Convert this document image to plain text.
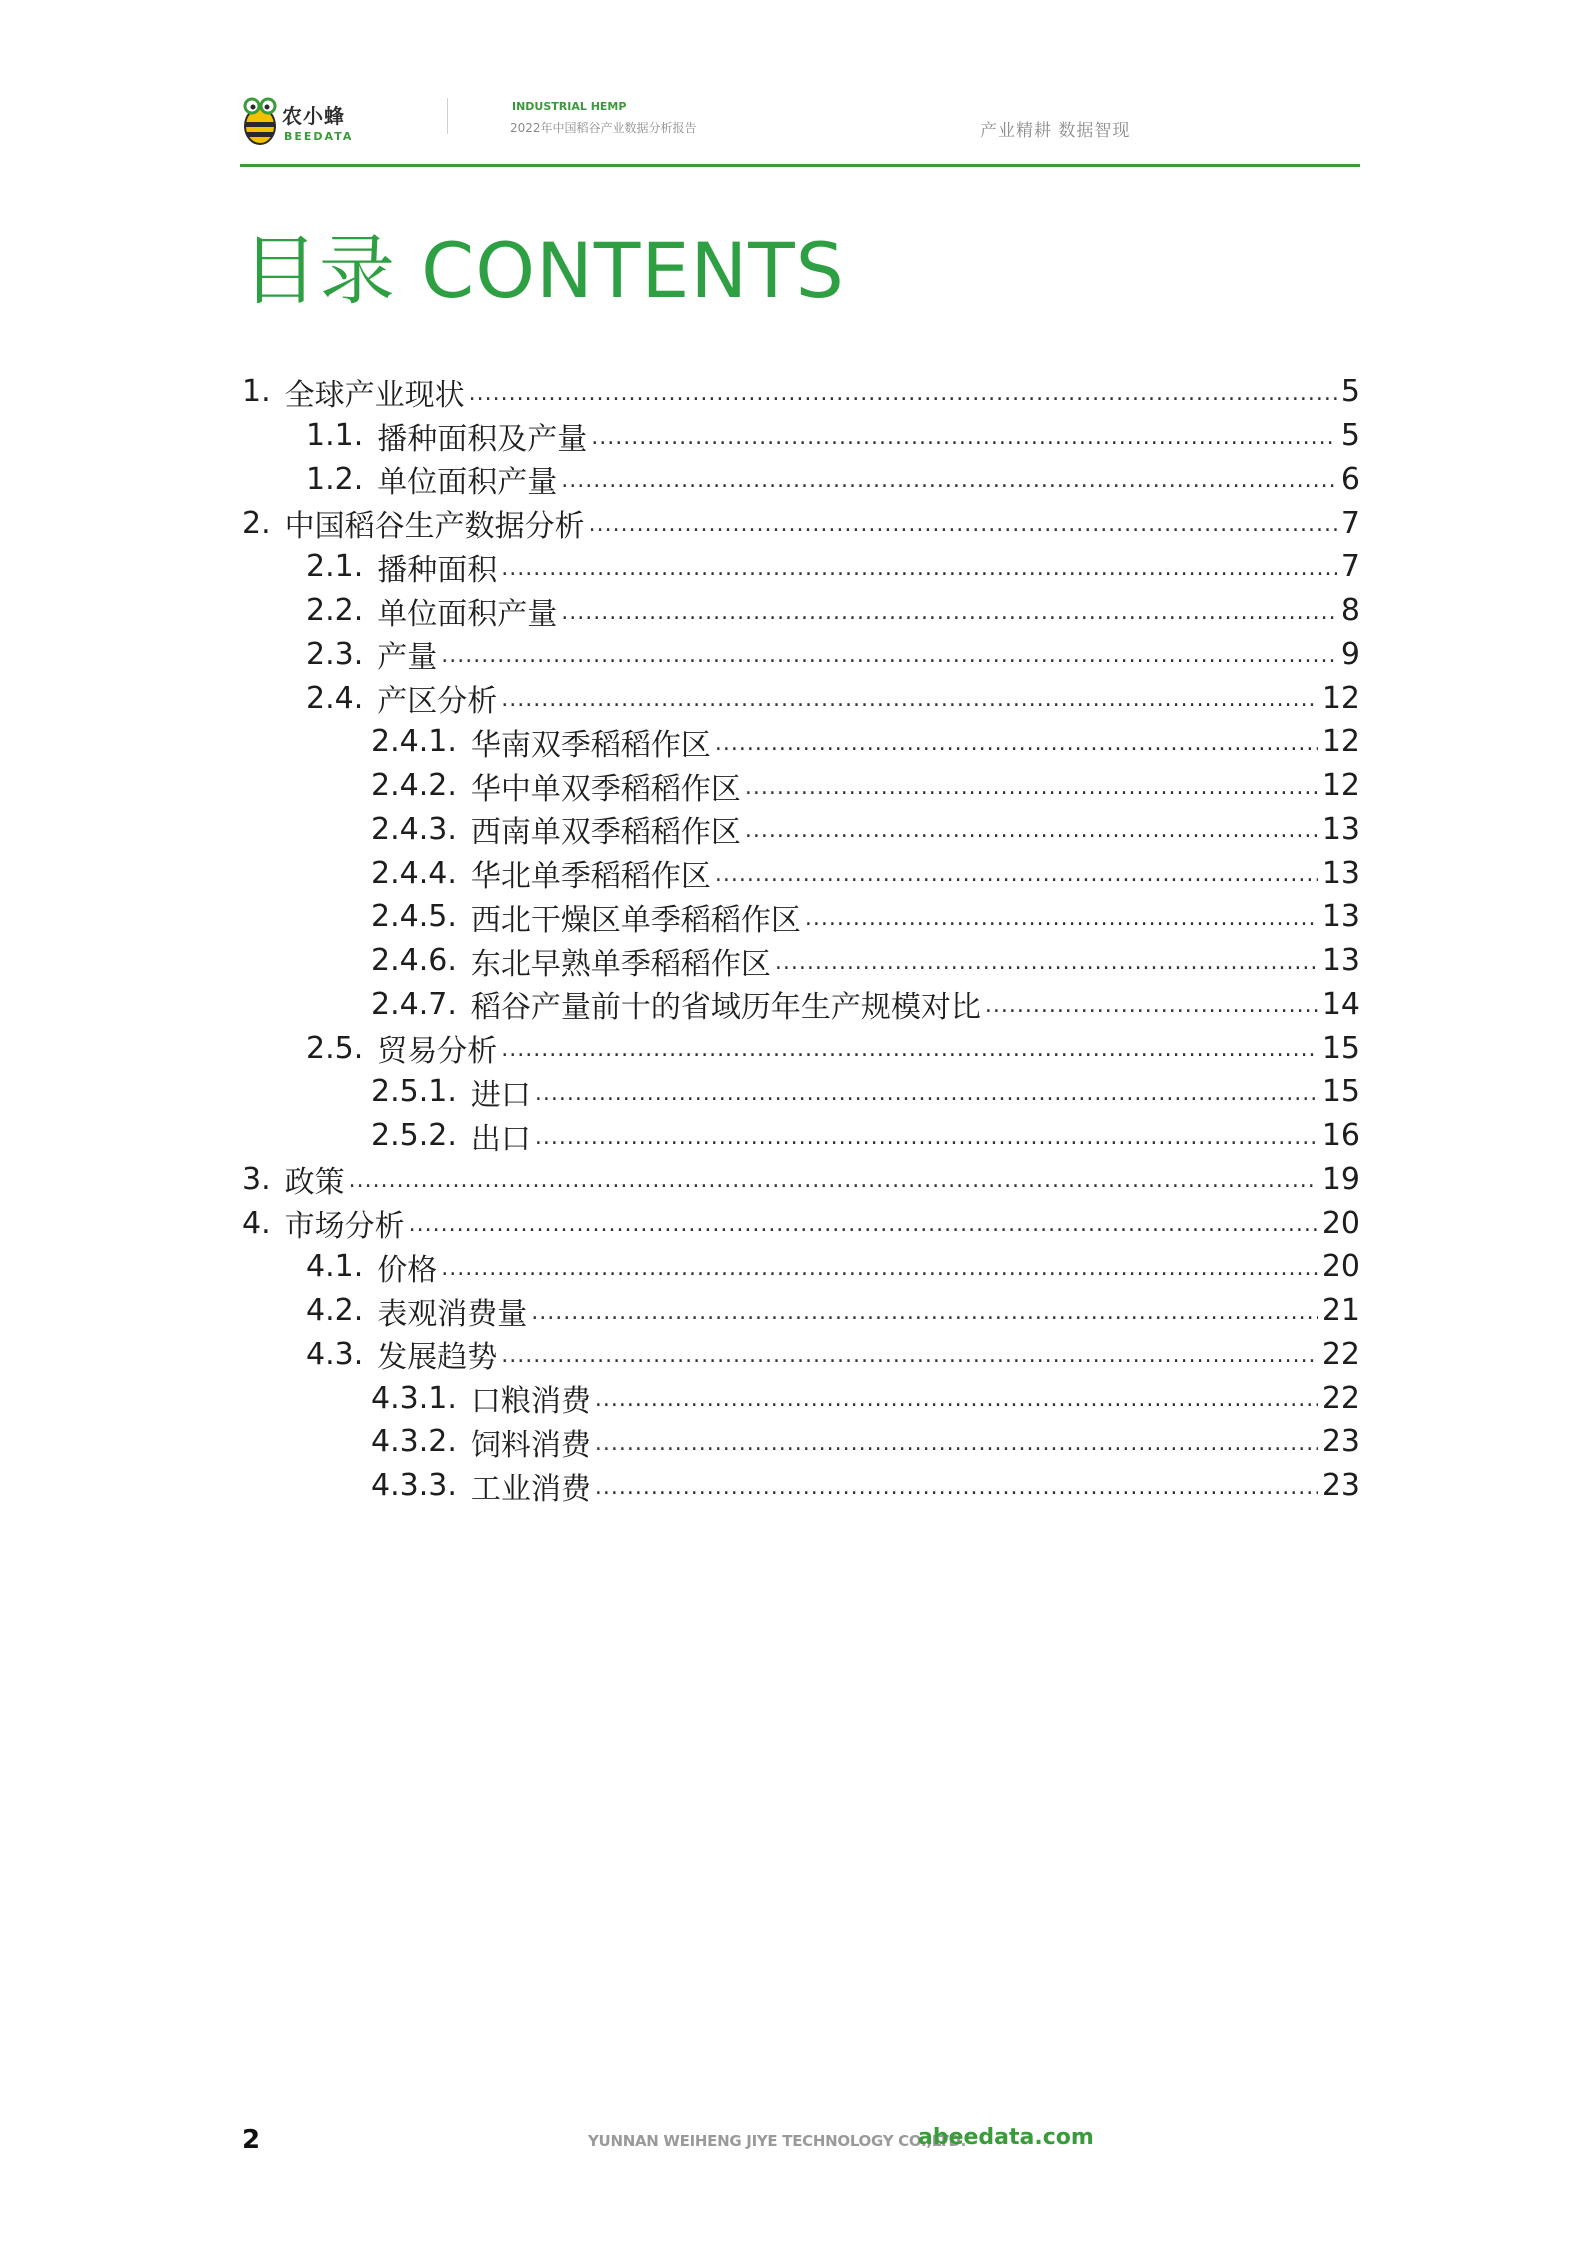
农小蜂
BEEDATA
INDUSTRIAL HEMP
2022年中国稻谷产业数据分析报告	产业精耕 数据智现
目录 CONTENTS
1. 全球产业现状 .....	5
1.1. 播种面积及产量 .....	5
1.2. 单位面积产量 .....	6
2. 中国稻谷生产数据分析 .....	7
2.1. 播种面积 .....	7
2.2. 单位面积产量 .....	8
2.3. 产量 .....	9
2.4. 产区分析 .....	12
2.4.1. 华南双季稻稻作区 .....	12
2.4.2. 华中单双季稻稻作区 .....	12
2.4.3. 西南单双季稻稻作区 .....	13
2.4.4. 华北单季稻稻作区 .....	13
2.4.5. 西北干燥区单季稻稻作区 .....	13
2.4.6. 东北早熟单季稻稻作区 .....	13
2.4.7. 稻谷产量前十的省域历年生产规模对比 .....	14
2.5. 贸易分析 .....	15
2.5.1. 进口 .....	15
2.5.2. 出口 .....	16
3. 政策 .....	19
4. 市场分析 .....	20
4.1. 价格 .....	20
4.2. 表观消费量 .....	21
4.3. 发展趋势 .....	22
4.3.1. 口粮消费 .....	22
4.3.2. 饲料消费 .....	23
4.3.3. 工业消费 .....	23
2	YUNNAN WEIHENG JIYE TECHNOLOGY CO.,LTD.
abeedata.com
